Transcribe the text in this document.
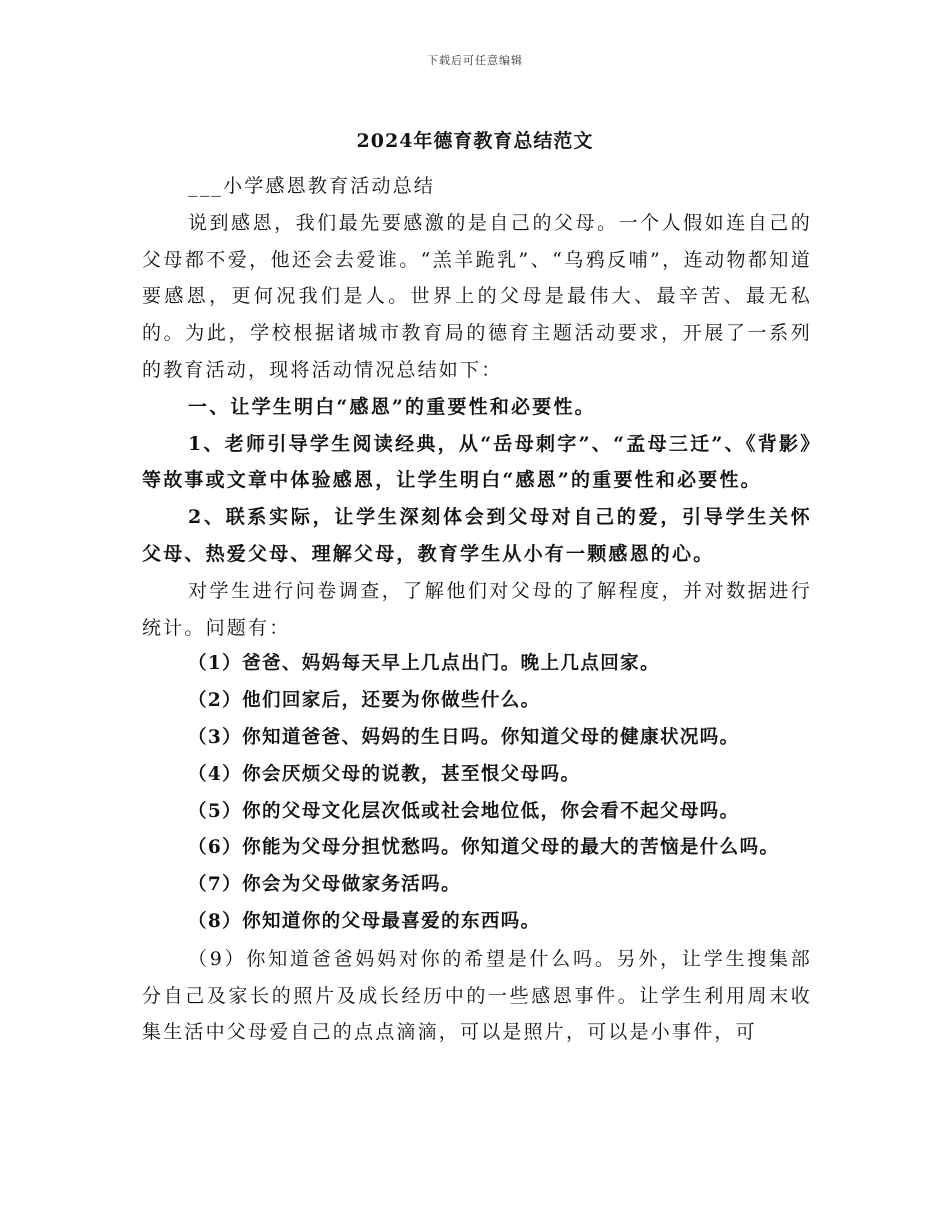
下载后可任意编辑
2024年德育教育总结范文

___小学感恩教育活动总结

说到感恩，我们最先要感激的是自己的父母。一个人假如连自己的父母都不爱，他还会去爱谁。“羔羊跪乳”、“乌鸦反哺”，连动物都知道要感恩，更何况我们是人。世界上的父母是最伟大、最辛苦、最无私的。为此，学校根据诸城市教育局的德育主题活动要求，开展了一系列的教育活动，现将活动情况总结如下：

一、让学生明白“感恩”的重要性和必要性。

1、老师引导学生阅读经典，从“岳母刺字”、“孟母三迁”、《背影》等故事或文章中体验感恩，让学生明白“感恩”的重要性和必要性。

2、联系实际，让学生深刻体会到父母对自己的爱，引导学生关怀父母、热爱父母、理解父母，教育学生从小有一颗感恩的心。

对学生进行问卷调查，了解他们对父母的了解程度，并对数据进行统计。问题有：

（1）爸爸、妈妈每天早上几点出门。晚上几点回家。

（2）他们回家后，还要为你做些什么。

（3）你知道爸爸、妈妈的生日吗。你知道父母的健康状况吗。

（4）你会厌烦父母的说教，甚至恨父母吗。

（5）你的父母文化层次低或社会地位低，你会看不起父母吗。

（6）你能为父母分担忧愁吗。你知道父母的最大的苦恼是什么吗。

（7）你会为父母做家务活吗。

（8）你知道你的父母最喜爱的东西吗。

（9）你知道爸爸妈妈对你的希望是什么吗。另外，让学生搜集部分自己及家长的照片及成长经历中的一些感恩事件。让学生利用周末收集生活中父母爱自己的点点滴滴，可以是照片，可以是小事件，可
